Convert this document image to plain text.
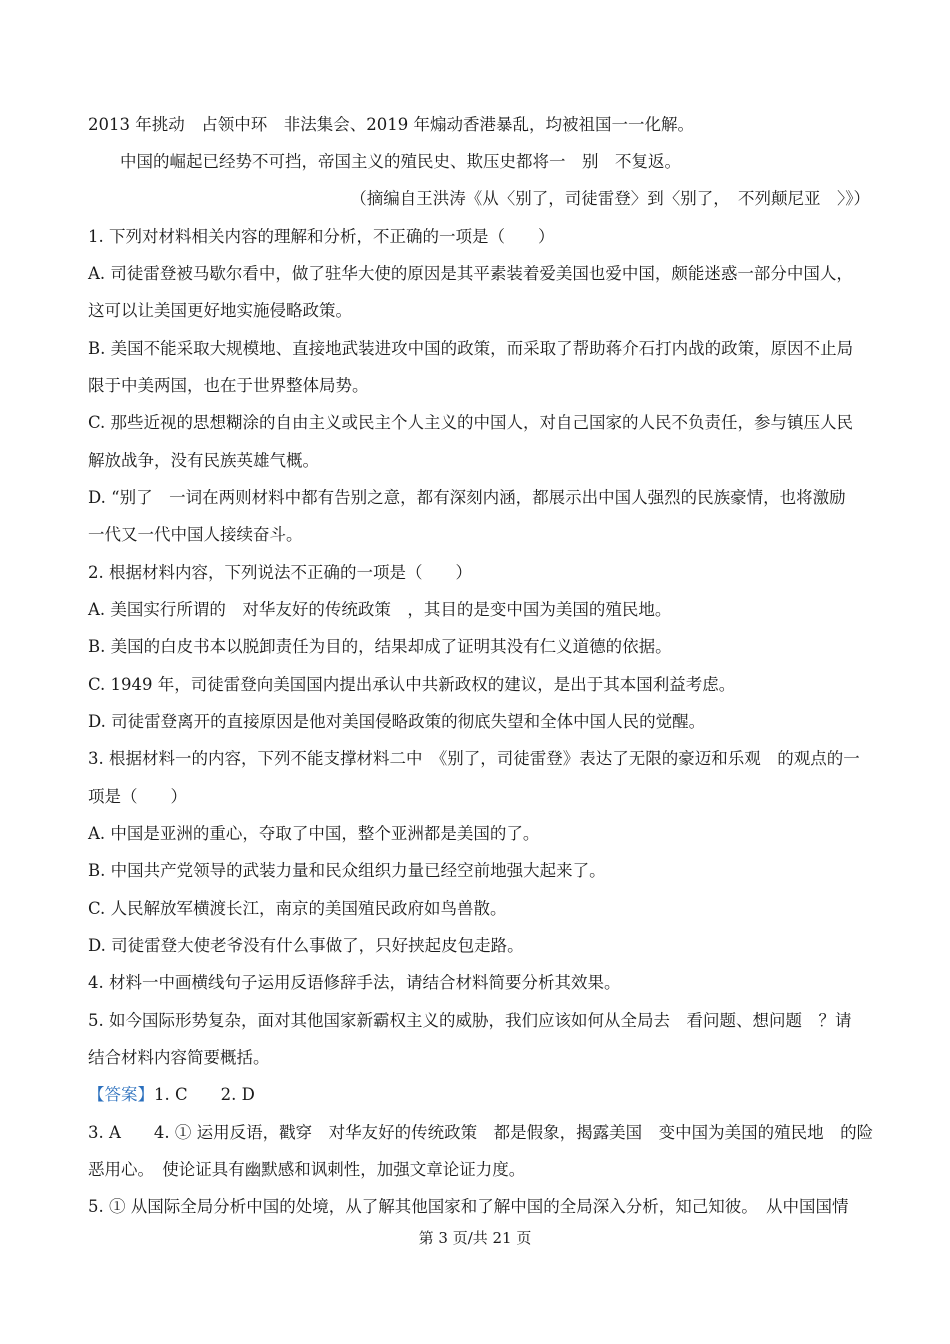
2013 年挑动　占领中环　非法集会、2019 年煽动香港暴乱，均被祖国一一化解。
中国的崛起已经势不可挡，帝国主义的殖民史、欺压史都将一　别　不复返。
（摘编自王洪涛《从〈别了，司徒雷登〉到〈别了，　不列颠尼亚　〉》）
1. 下列对材料相关内容的理解和分析，不正确的一项是（　　）
A. 司徒雷登被马歇尔看中，做了驻华大使的原因是其平素装着爱美国也爱中国，颇能迷惑一部分中国人，
这可以让美国更好地实施侵略政策。
B. 美国不能采取大规模地、直接地武装进攻中国的政策，而采取了帮助蒋介石打内战的政策，原因不止局
限于中美两国，也在于世界整体局势。
C. 那些近视的思想糊涂的自由主义或民主个人主义的中国人，对自己国家的人民不负责任，参与镇压人民
解放战争，没有民族英雄气概。
D. “别了　一词在两则材料中都有告别之意，都有深刻内涵，都展示出中国人强烈的民族豪情，也将激励
一代又一代中国人接续奋斗。
2. 根据材料内容，下列说法不正确的一项是（　　）
A. 美国实行所谓的　对华友好的传统政策　，其目的是变中国为美国的殖民地。
B. 美国的白皮书本以脱卸责任为目的，结果却成了证明其没有仁义道德的依据。
C. 1949 年，司徒雷登向美国国内提出承认中共新政权的建议，是出于其本国利益考虑。
D. 司徒雷登离开的直接原因是他对美国侵略政策的彻底失望和全体中国人民的觉醒。
3. 根据材料一的内容，下列不能支撑材料二中　《别了，司徒雷登》表达了无限的豪迈和乐观　的观点的一
项是（　　）
A. 中国是亚洲的重心，夺取了中国，整个亚洲都是美国的了。
B. 中国共产党领导的武装力量和民众组织力量已经空前地强大起来了。
C. 人民解放军横渡长江，南京的美国殖民政府如鸟兽散。
D. 司徒雷登大使老爷没有什么事做了，只好挟起皮包走路。
4. 材料一中画横线句子运用反语修辞手法，请结合材料简要分析其效果。
5. 如今国际形势复杂，面对其他国家新霸权主义的威胁，我们应该如何从全局去　看问题、想问题　？请
结合材料内容简要概括。
【答案】1. C　　2. D
3. A　　4. ① 运用反语，戳穿　对华友好的传统政策　都是假象，揭露美国　变中国为美国的殖民地　的险
恶用心。　使论证具有幽默感和讽刺性，加强文章论证力度。
5. ① 从国际全局分析中国的处境，从了解其他国家和了解中国的全局深入分析，知己知彼。　从中国国情
第 3 页/共 21 页
